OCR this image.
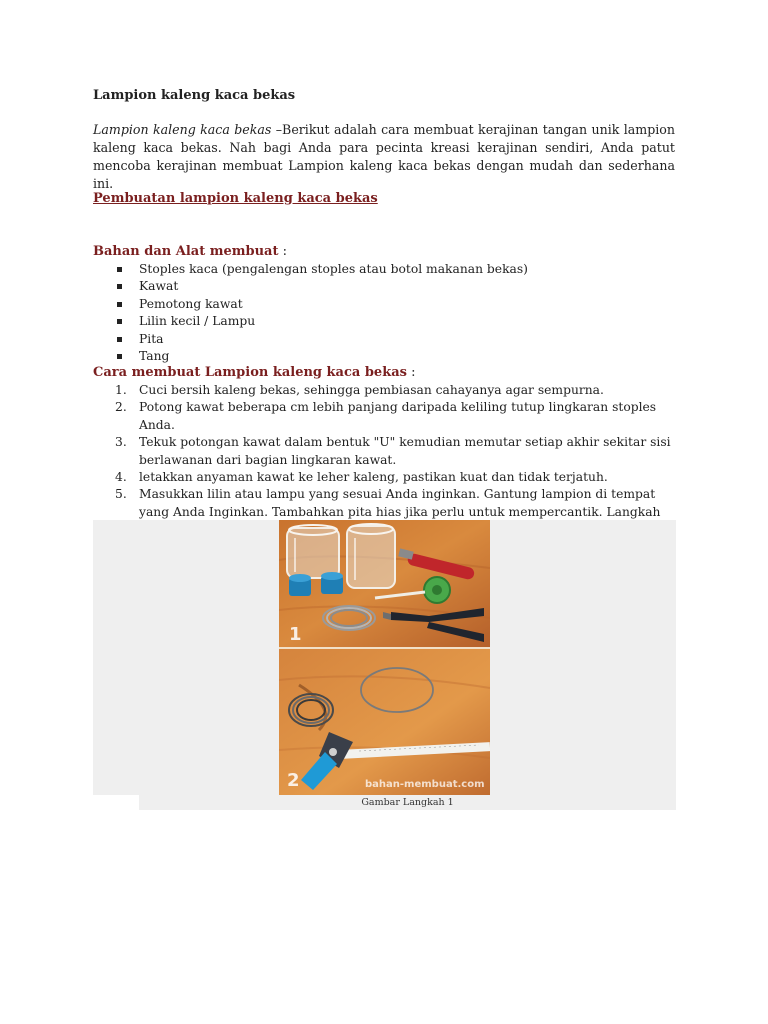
Lampion kaleng kaca bekas

Lampion kaleng kaca bekas –Berikut adalah cara membuat kerajinan tangan unik lampion kaleng kaca bekas. Nah bagi Anda para pecinta kreasi kerajinan sendiri, Anda patut mencoba kerajinan membuat Lampion kaleng kaca bekas dengan mudah dan sederhana ini.

Pembuatan lampion kaleng kaca bekas
Bahan dan Alat membuat :
Stoples kaca (pengalengan stoples atau botol makanan bekas)
Kawat
Pemotong kawat
Lilin kecil / Lampu
Pita
Tang
Cara membuat Lampion kaleng kaca bekas :
1. Cuci bersih kaleng bekas, sehingga pembiasan cahayanya agar sempurna.
2. Potong kawat beberapa cm lebih panjang daripada keliling tutup lingkaran stoples Anda.
3. Tekuk potongan kawat dalam bentuk "U" kemudian memutar setiap akhir sekitar sisi berlawanan dari bagian lingkaran kawat.
4. letakkan anyaman kawat ke leher kaleng, pastikan kuat dan tidak terjatuh.
5. Masukkan lilin atau lampu yang sesuai Anda inginkan. Gantung lampion di tempat yang Anda Inginkan. Tambahkan pita hias jika perlu untuk mempercantik. Langkah
1
2	bahan-membuat.com
Gambar Langkah 1
